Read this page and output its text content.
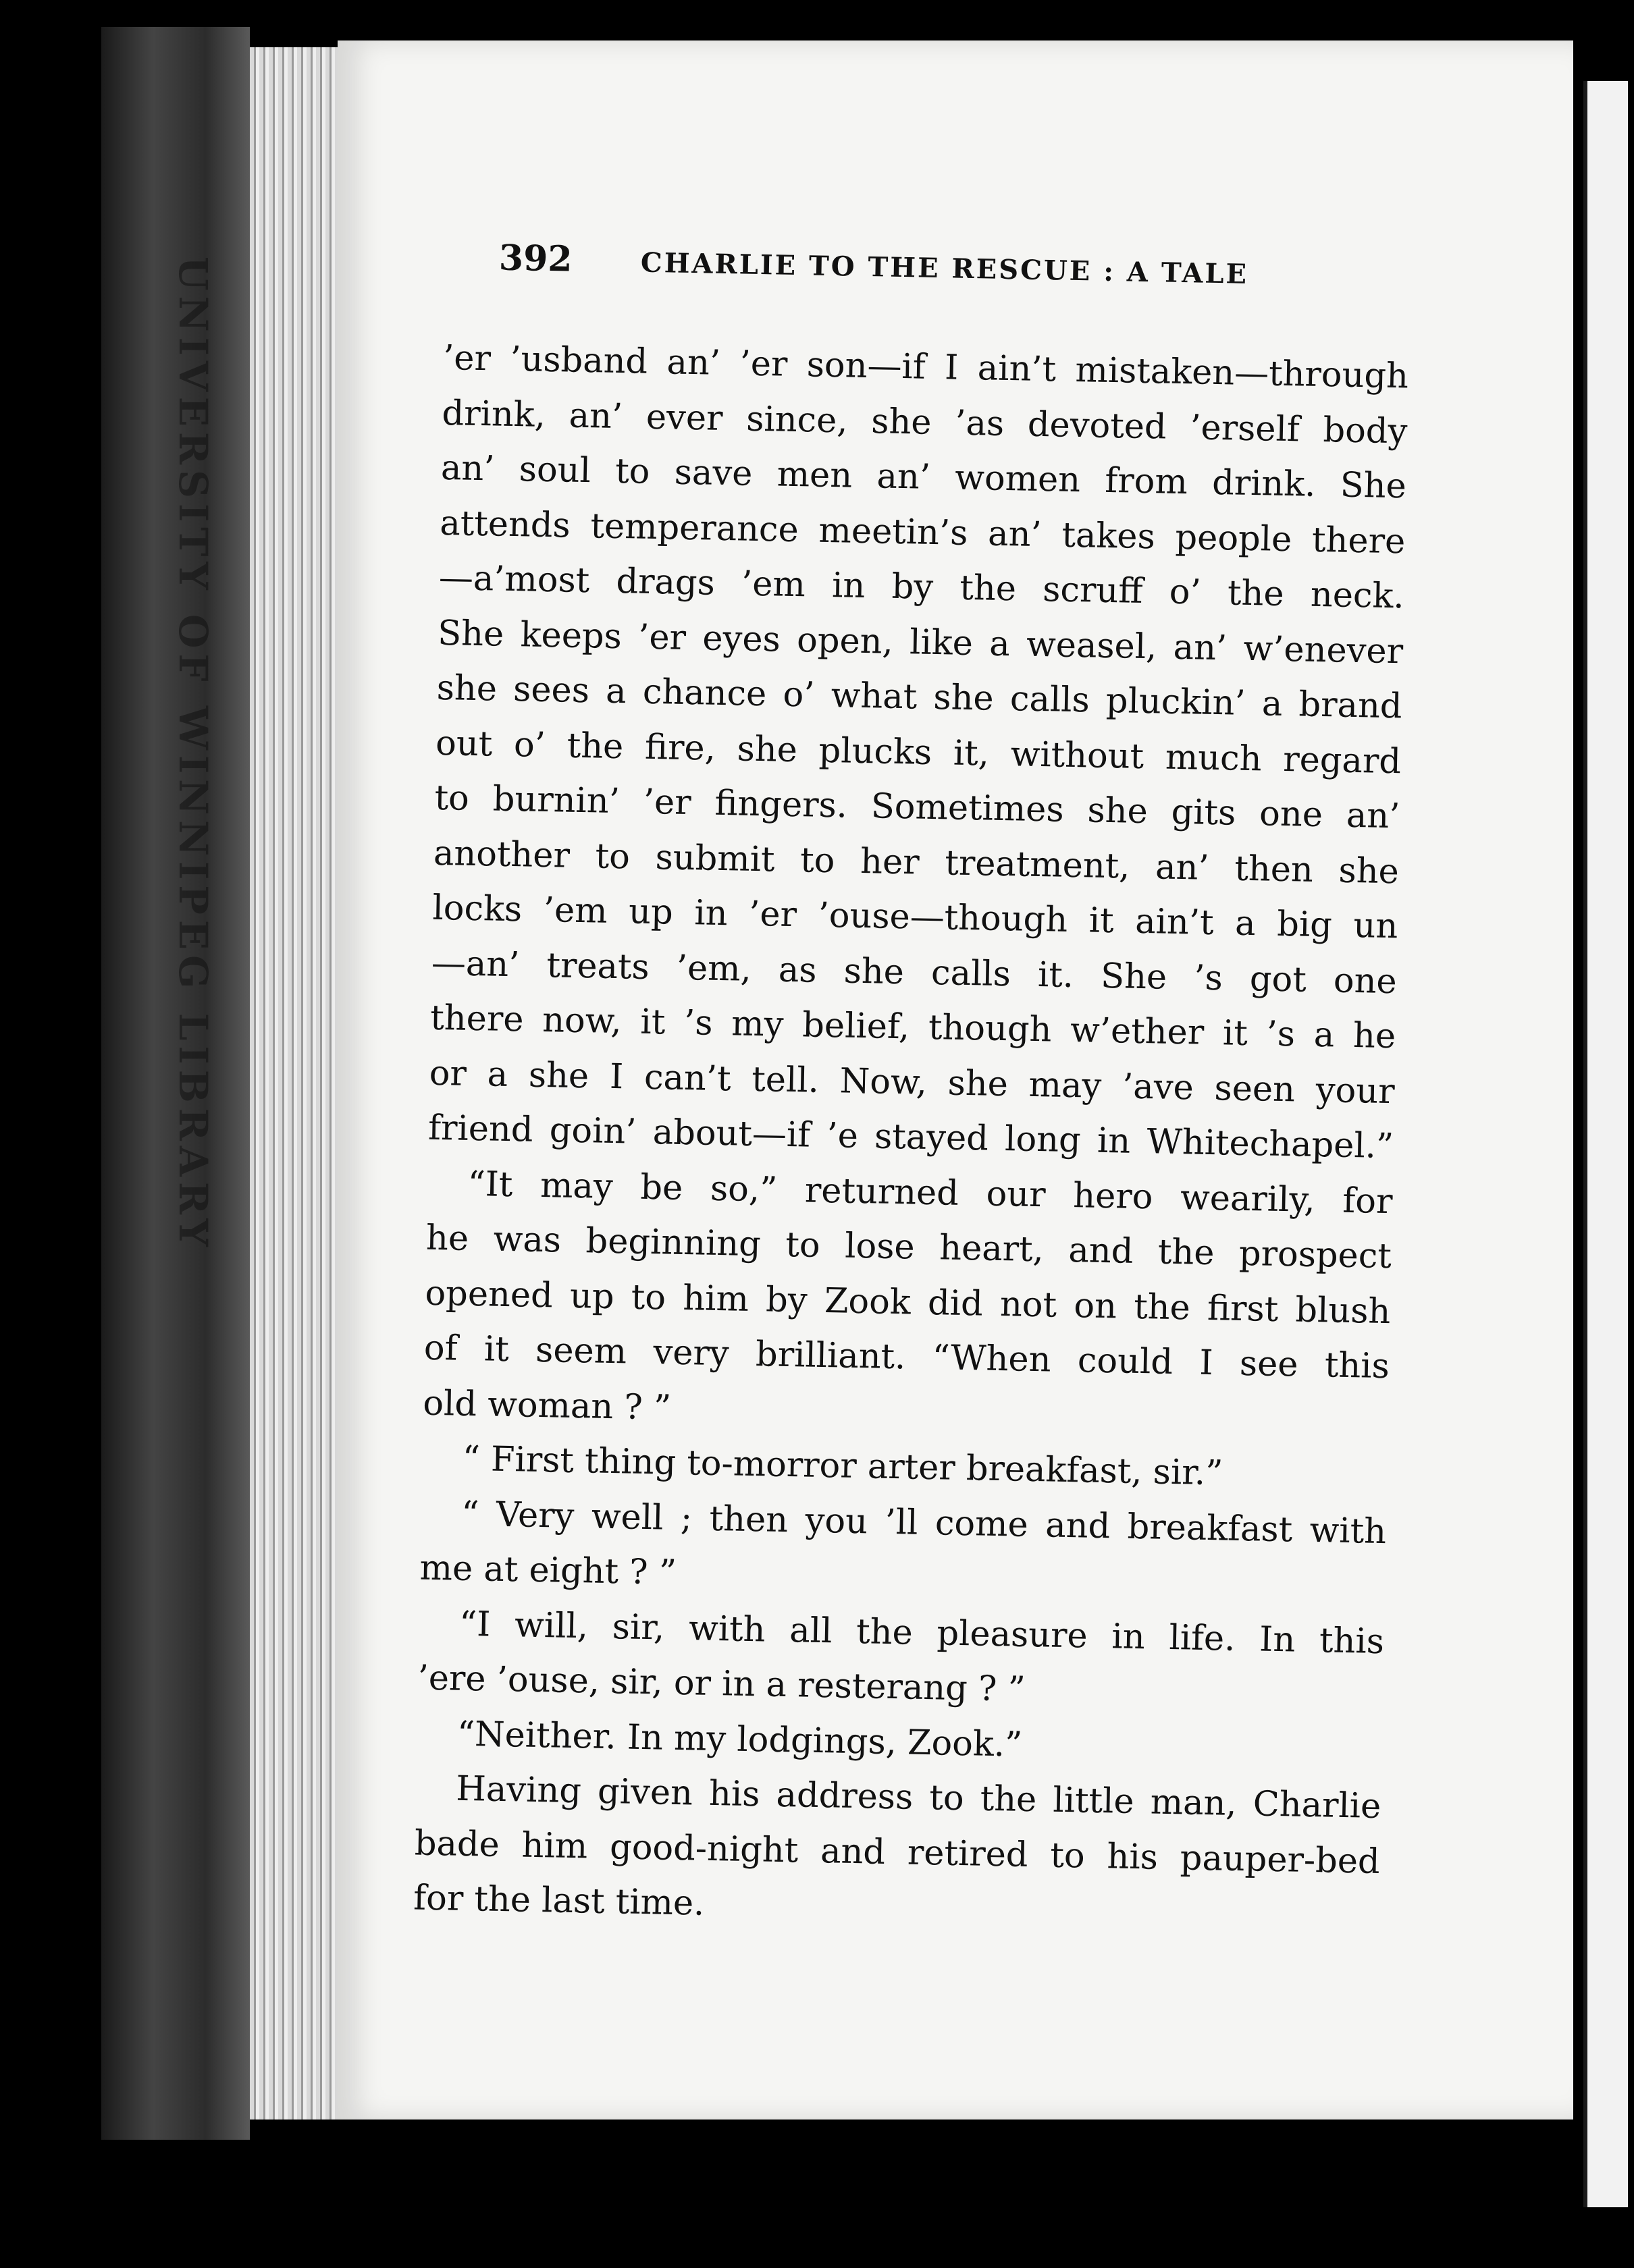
UNIVERSITY OF WINNIPEG LIBRARY	392	CHARLIE TO THE RESCUE : A TALE
’er ’usband an’ ’er son—if I ain’t mistaken—through
drink, an’ ever since, she ’as devoted ’erself body
an’ soul to save men an’ women from drink. She
attends temperance meetin’s an’ takes people there
—a’most drags ’em in by the scruff o’ the neck.
She keeps ’er eyes open, like a weasel, an’ w’enever
she sees a chance o’ what she calls pluckin’ a brand
out o’ the fire, she plucks it, without much regard
to burnin’ ’er fingers. Sometimes she gits one an’
another to submit to her treatment, an’ then she
locks ’em up in ’er ’ouse—though it ain’t a big un
—an’ treats ’em, as she calls it. She ’s got one
there now, it ’s my belief, though w’ether it ’s a he
or a she I can’t tell. Now, she may ’ave seen your
friend goin’ about—if ’e stayed long in Whitechapel.”
“It may be so,” returned our hero wearily, for
he was beginning to lose heart, and the prospect
opened up to him by Zook did not on the first blush
of it seem very brilliant. “When could I see this
old woman ? ”
“ First thing to-morror arter breakfast, sir.”
“ Very well ; then you ’ll come and breakfast with
me at eight ? ”
“I will, sir, with all the pleasure in life. In this
’ere ’ouse, sir, or in a resterang ? ”
“Neither. In my lodgings, Zook.”
Having given his address to the little man, Charlie
bade him good-night and retired to his pauper-bed
for the last time.
